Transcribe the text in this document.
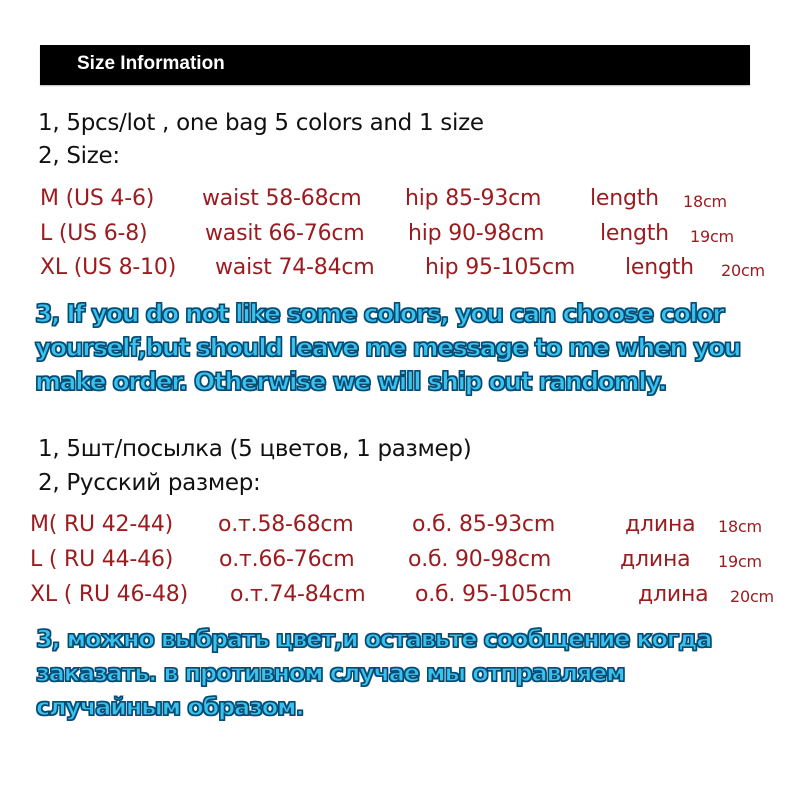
Size Information
1, 5pcs/lot , one bag 5 colors and 1 size
2, Size:
M (US 4-6) waist 58-68cm hip 85-93cm length 18cm
L (US 6-8)	wasit 66-76cm hip 90-98cm	length 19cm
XL (US 8-10) waist 74-84cm hip 95-105cm length 20cm
3, If you do not like some colors, you can choose color
yourself,but should leave me message to me when you
make order. Otherwise we will ship out randomly.
1, 5шт/посылка (5 цветов, 1 размер)
2, Русский размер:
M( RU 42-44) о.т.58-68cm	о.б. 85-93cm	длина 18cm
L ( RU 44-46) о.т.66-76cm о.б. 90-98cm	длина 19cm
XL ( RU 46-48) о.т.74-84cm о.б. 95-105cm	длина 20cm
3, можно выбрать цвет,и оставьте сообщение когда
заказать. в противном случае мы отправляем
случайным образом.
